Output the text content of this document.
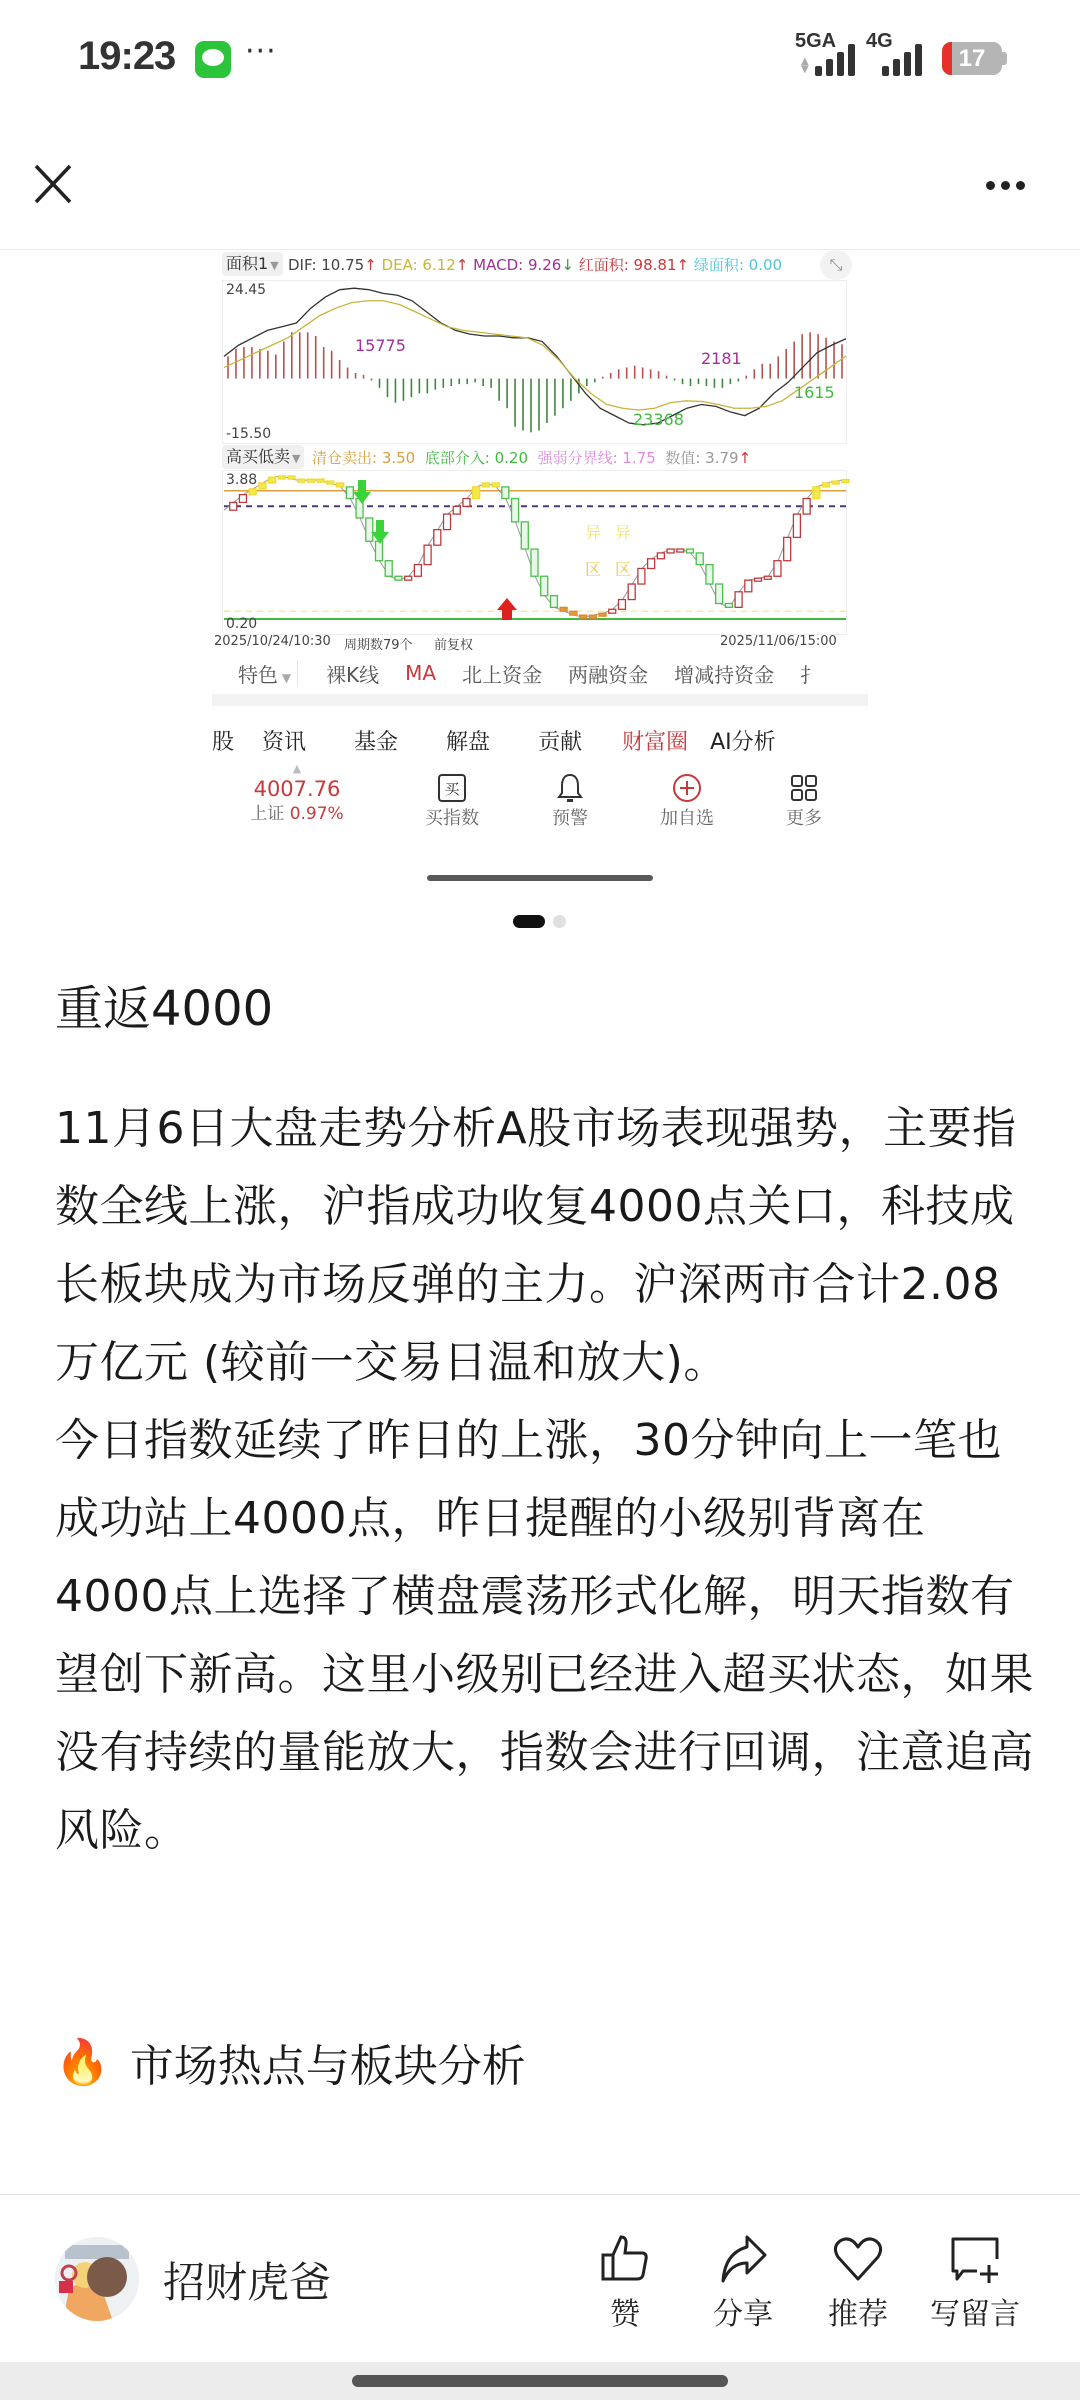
19:23 ···	5GA
▲
▼
4G
17
面积1 ▼ DIF: 10.75↑ DEA: 6.12↑ MACD: 9.26↓ 红面积: 98.81↑ 绿面积: 0.00	⤡
24.45
-15.50
15775
23368
2181
1615
高买低卖 ▼ 清仓卖出: 3.50 底部介入: 0.20 强弱分界线: 1.75 数值: 3.79↑
3.88
0.20
异 异
区 区
2025/10/24/10:30 周期数79个 前复权	2025/11/06/15:00
特色 ▼ 裸K线 MA 北上资金 两融资金 增减持资金 扌
股 资讯 基金 解盘 贡献 财富圈 AI分析
▲
4007.76
上证 0.97%
买
买指数	预警	加自选	更多
重返4000

11月6日大盘走势分析A股市场表现强势，主要指数全线上涨，沪指成功收复4000点关口，科技成长板块成为市场反弹的主力。沪深两市合计2.08万亿元 (较前一交易日温和放大)。

今日指数延续了昨日的上涨，30分钟向上一笔也成功站上4000点，昨日提醒的小级别背离在4000点上选择了横盘震荡形式化解，明天指数有望创下新高。这里小级别已经进入超买状态，如果没有持续的量能放大，指数会进行回调，注意追高风险。

🔥 市场热点与板块分析
招财虎爸
赞	分享	推荐	写留言
